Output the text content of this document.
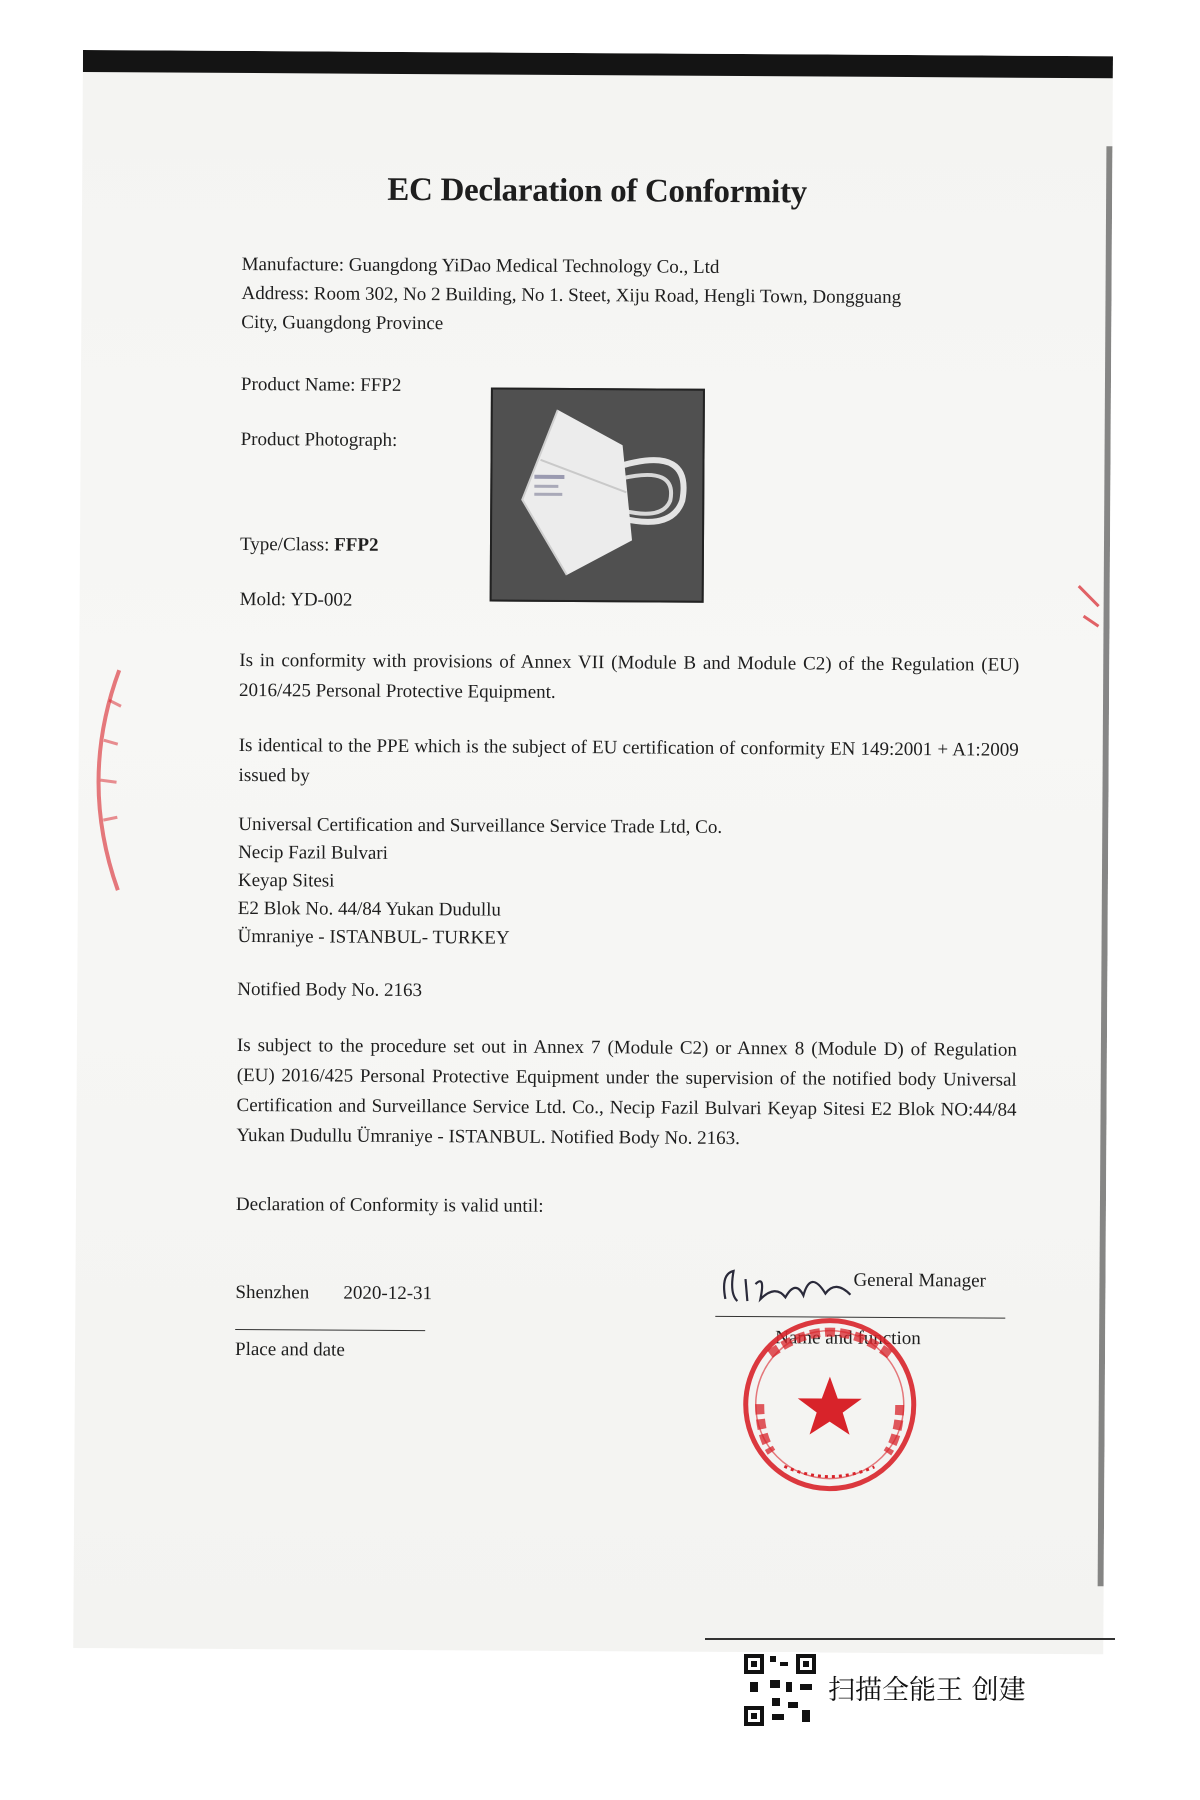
EC Declaration of Conformity
Manufacture: Guangdong YiDao Medical Technology Co., Ltd
Address: Room 302, No 2 Building, No 1. Steet, Xiju Road, Hengli Town, Dongguang
City, Guangdong Province
Product Name: FFP2
Product Photograph:
Type/Class: FFP2
Mold: YD-002
Is in conformity with provisions of Annex VII (Module B and Module C2) of the Regulation (EU) 2016/425 Personal Protective Equipment.
Is identical to the PPE which is the subject of EU certification of conformity EN 149:2001 + A1:2009 issued by
Universal Certification and Surveillance Service Trade Ltd, Co.
Necip Fazil Bulvari
Keyap Sitesi
E2 Blok No. 44/84 Yukan Dudullu
Ümraniye - ISTANBUL- TURKEY
Notified Body No. 2163
Is subject to the procedure set out in Annex 7 (Module C2) or Annex 8 (Module D) of Regulation (EU) 2016/425 Personal Protective Equipment under the supervision of the notified body Universal Certification and Surveillance Service Ltd. Co., Necip Fazil Bulvari Keyap Sitesi E2 Blok NO:44/84 Yukan Dudullu Ümraniye - ISTANBUL. Notified Body No. 2163.
Declaration of Conformity is valid until:
Shenzhen 2020-12-31
Place and date
General Manager
Name and function
扫描全能王 创建
